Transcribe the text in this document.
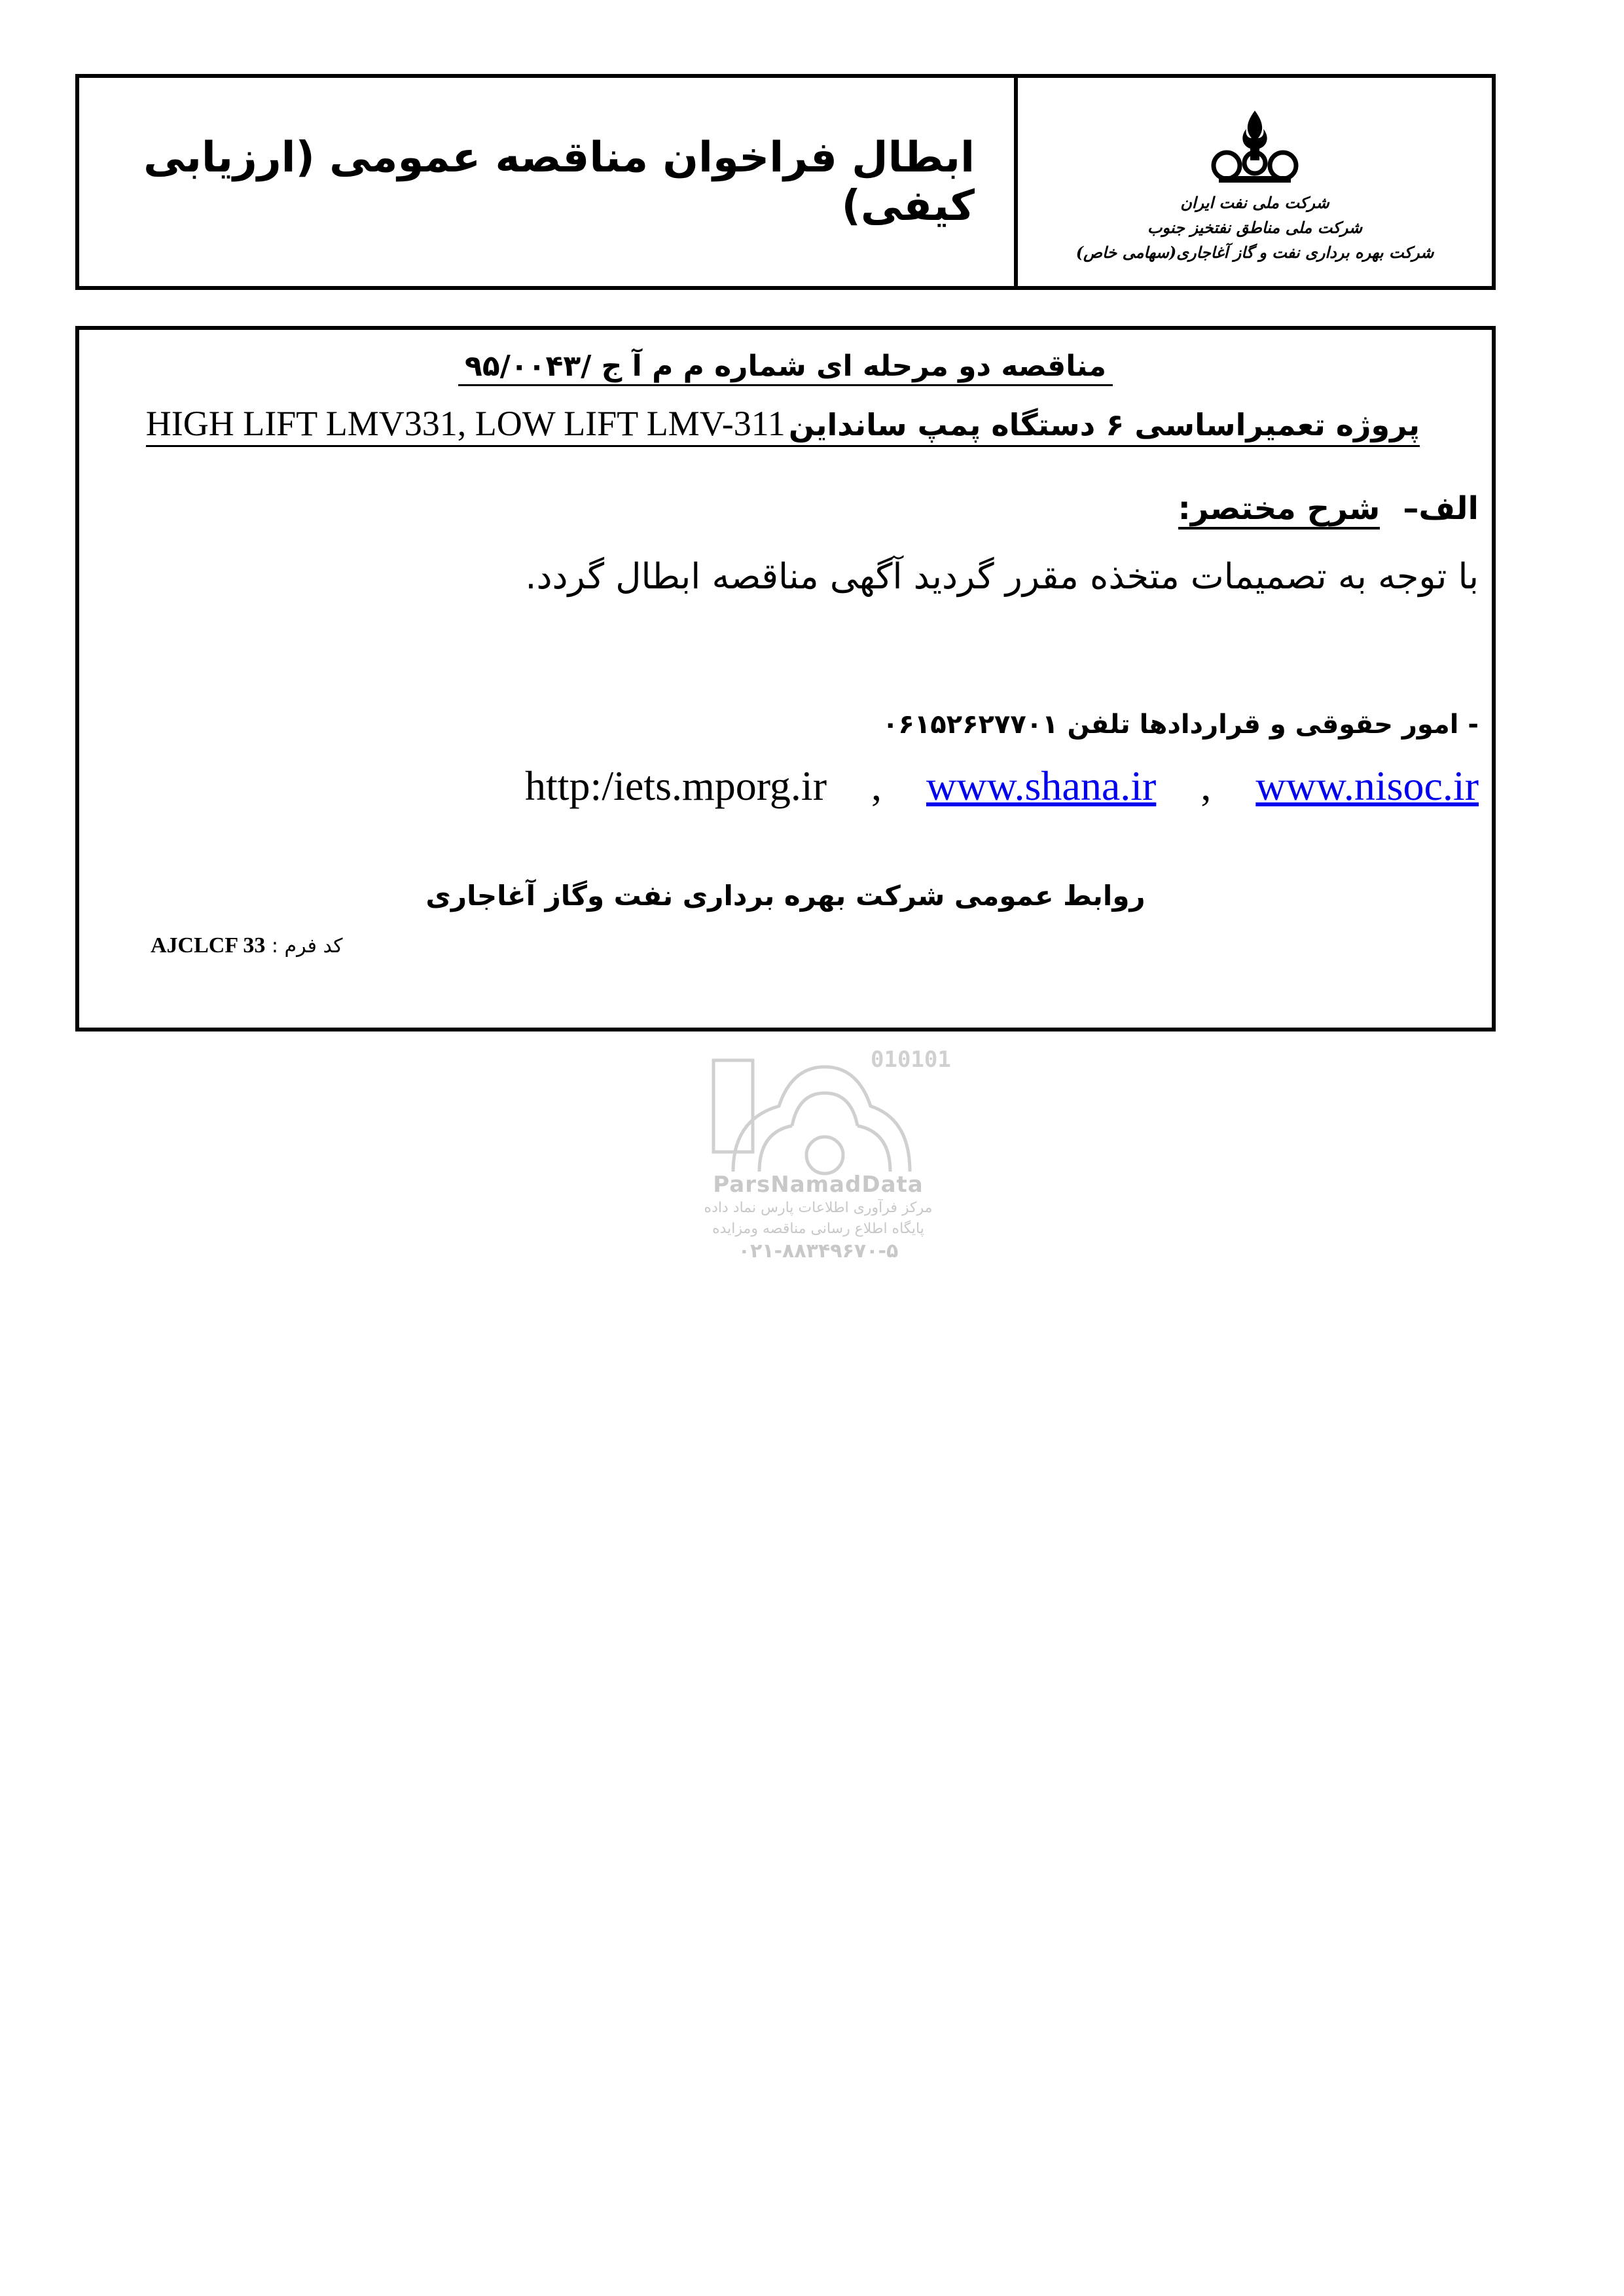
ابطال فراخوان مناقصه عمومی (ارزیابی کیفی)	شرکت ملی نفت ایران
شرکت ملی مناطق نفتخیز جنوب
شرکت بهره برداری نفت و گاز آغاجاری(سهامی خاص)
مناقصه دو مرحله ای شماره م م آ ج /۹۵/۰۰۴۳
پروژه تعمیراساسی ۶ دستگاه پمپ سانداین HIGH LIFT LMV331, LOW LIFT LMV-311
الف– شرح مختصر:
با توجه به تصمیمات متخذه مقرر گردید آگهی مناقصه ابطال گردد.
- امور حقوقی و قراردادها تلفن ۰۶۱۵۲۶۲۷۷۰۱
http:/iets.mporg.ir , www.shana.ir , www.nisoc.ir
روابط عمومی شرکت بهره برداری نفت وگاز آغاجاری
کد فرم : AJCLCF 33
010101
ParsNamadData
مرکز فرآوری اطلاعات پارس نماد داده
پایگاه اطلاع رسانی مناقصه ومزایده
۰۲۱-۸۸۳۴۹۶۷۰-۵
